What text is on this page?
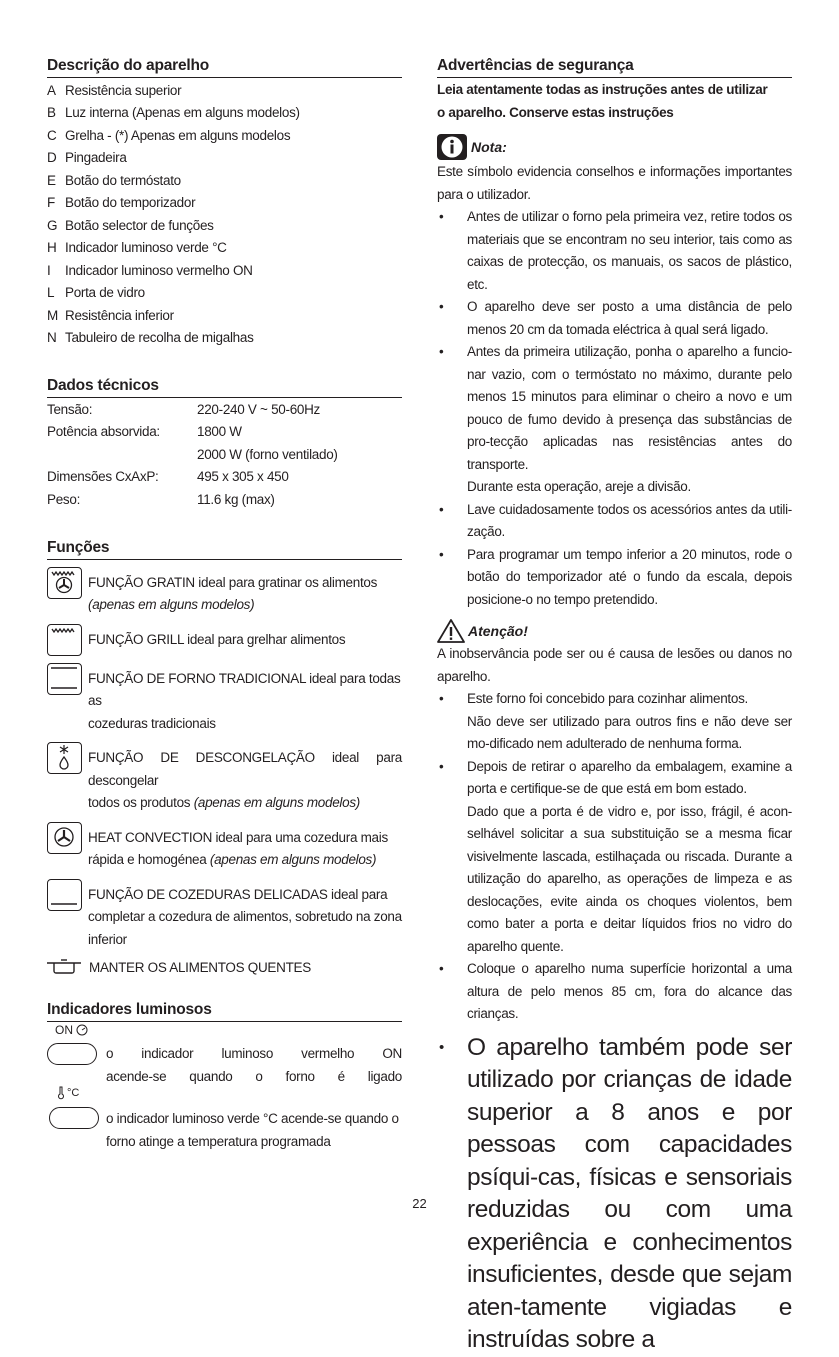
Descrição do aparelho
A Resistência superior
B Luz interna (Apenas em alguns modelos)
C Grelha - (*) Apenas em alguns modelos
D Pingadeira
E Botão do termóstato
F Botão do temporizador
G Botão selector de funções
H Indicador luminoso verde °C
I	Indicador luminoso vermelho ON
L Porta de vidro
M Resistência inferior
N Tabuleiro de recolha de migalhas
Dados técnicos
Tensão:	220-240 V ~ 50-60Hz
Potência absorvida:	1800 W
2000 W (forno ventilado)
Dimensões CxAxP:	495 x 305 x 450
Peso:	11.6 kg (max)
Funções
FUNÇÃO GRATIN ideal para gratinar os alimentos
(apenas em alguns modelos)
FUNÇÃO GRILL ideal para grelhar alimentos
FUNÇÃO DE FORNO TRADICIONAL ideal para todas as
cozeduras tradicionais
FUNÇÃO DE DESCONGELAÇÃO ideal para descongelar
todos os produtos (apenas em alguns modelos)
HEAT CONVECTION ideal para uma cozedura mais
rápida e homogénea (apenas em alguns modelos)
FUNÇÃO DE COZEDURAS DELICADAS ideal para
completar a cozedura de alimentos, sobretudo na zona
inferior
MANTER OS ALIMENTOS QUENTES
Indicadores luminosos
ON
o indicador luminoso vermelho ON
acende-se quando o forno é ligado
°C
o indicador luminoso verde °C acende-se quando o
forno atinge a temperatura programada
Advertências de segurança
Leia atentamente todas as instruções antes de utilizar
o aparelho. Conserve estas instruções
Nota:
Este símbolo evidencia conselhos e informações importantes para o utilizador.
•	Antes de utilizar o forno pela primeira vez, retire todos os materiais que se encontram no seu interior, tais como as caixas de protecção, os manuais, os sacos de plástico, etc.
•	O aparelho deve ser posto a uma distância de pelo menos 20 cm da tomada eléctrica à qual será ligado.
•	Antes da primeira utilização, ponha o aparelho a funcio-nar vazio, com o termóstato no máximo, durante pelo menos 15 minutos para eliminar o cheiro a novo e um pouco de fumo devido à presença das substâncias de pro-tecção aplicadas nas resistências antes do transporte.
Durante esta operação, areje a divisão.
•	Lave cuidadosamente todos os acessórios antes da utili-zação.
•	Para programar um tempo inferior a 20 minutos, rode o botão do temporizador até o fundo da escala, depois posicione-o no tempo pretendido.
Atenção!
A inobservância pode ser ou é causa de lesões ou danos no aparelho.
•	Este forno foi concebido para cozinhar alimentos.
Não deve ser utilizado para outros fins e não deve ser mo-dificado nem adulterado de nenhuma forma.
•	Depois de retirar o aparelho da embalagem, examine a porta e certifique-se de que está em bom estado.
Dado que a porta é de vidro e, por isso, frágil, é acon-selhável solicitar a sua substituição se a mesma ficar visivelmente lascada, estilhaçada ou riscada. Durante a utilização do aparelho, as operações de limpeza e as deslocações, evite ainda os choques violentos, bem como bater a porta e deitar líquidos frios no vidro do aparelho quente.
•	Coloque o aparelho numa superfície horizontal a uma altura de pelo menos 85 cm, fora do alcance das crianças.
• O aparelho também pode ser utilizado por crianças de idade superior a 8 anos e por pessoas com capacidades psíqui-cas, físicas e sensoriais reduzidas ou com uma experiência e conhecimentos insuficientes, desde que sejam aten-tamente vigiadas e instruídas sobre a
22
